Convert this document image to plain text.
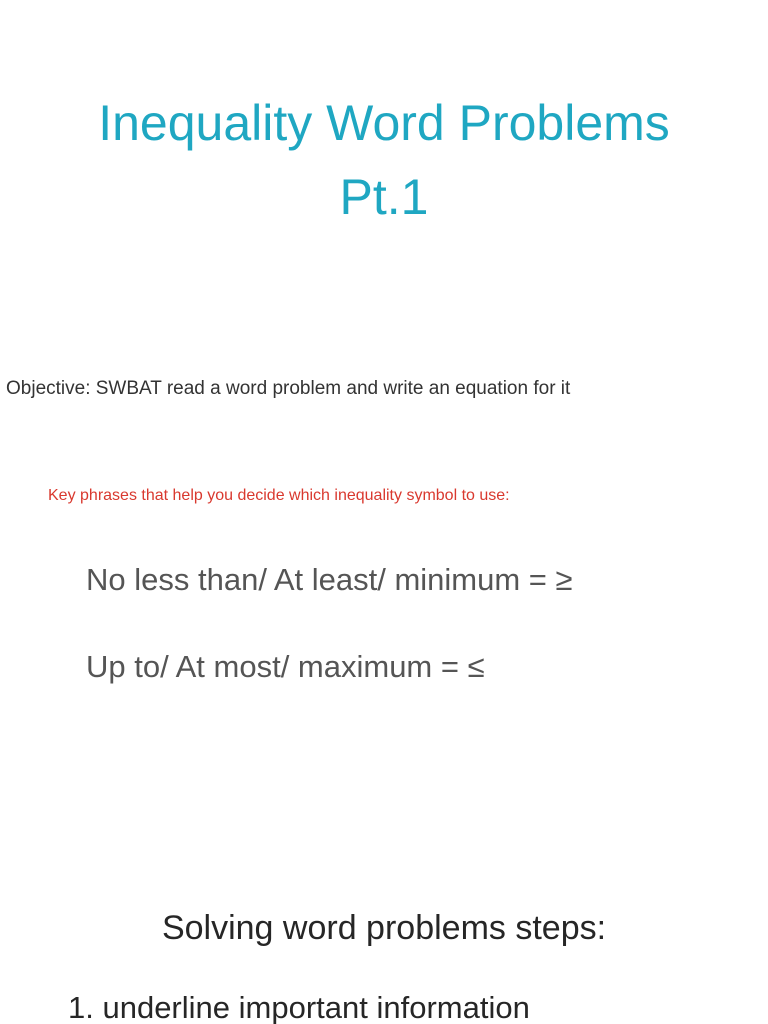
Inequality Word Problems
Pt.1
Objective: SWBAT read a word problem and write an equation for it
Key phrases that help you decide which inequality symbol to use:
No less than/ At least/ minimum = ≥
Up to/ At most/ maximum = ≤
Solving word problems steps:
1. underline important information
